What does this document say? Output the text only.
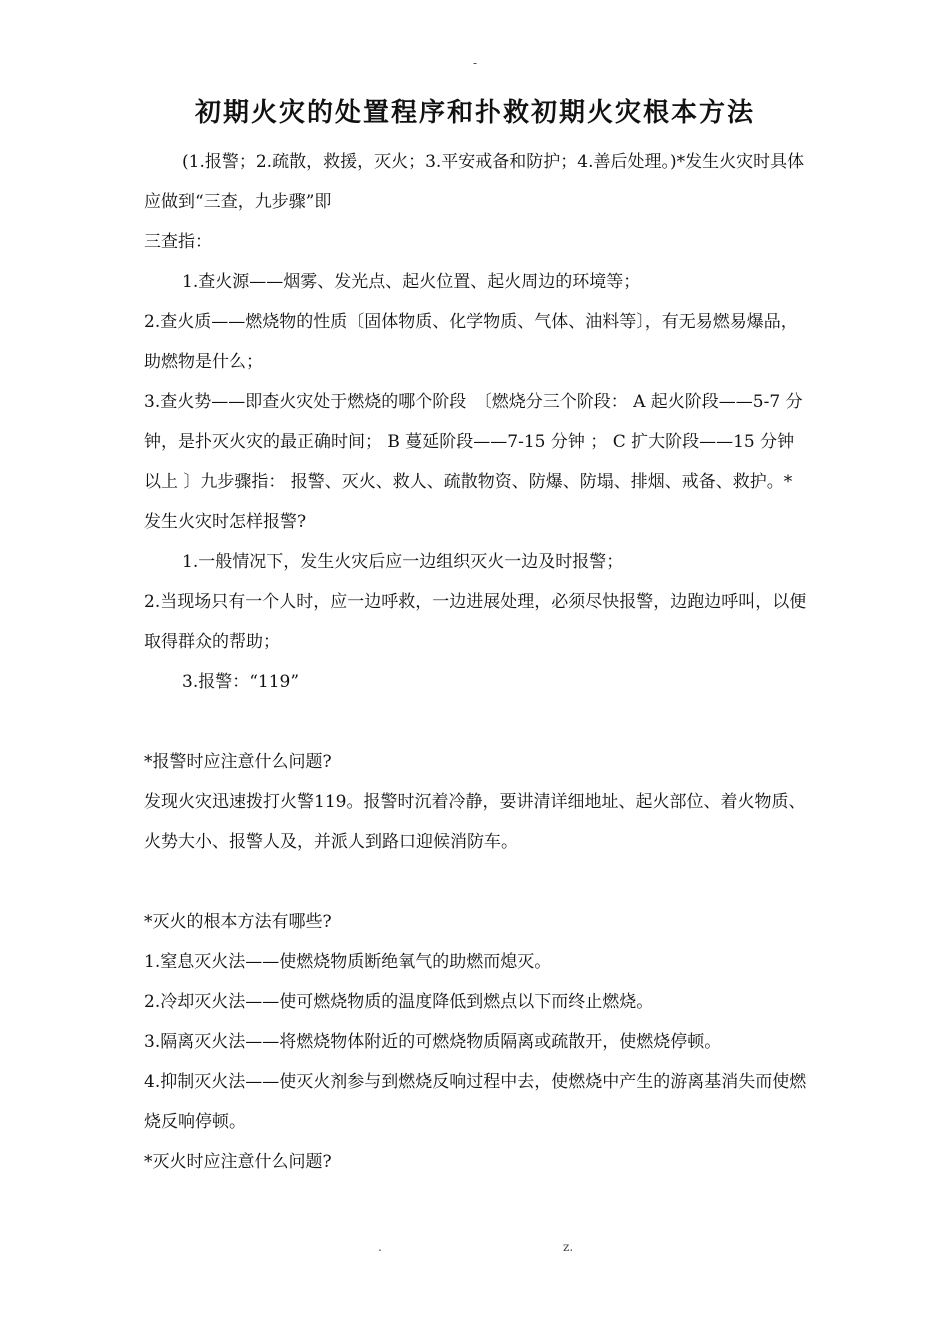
-
初期火灾的处置程序和扑救初期火灾根本方法

(1.报警；2.疏散，救援，灭火；3.平安戒备和防护；4.善后处理。)*发生火灾时具体应做到“三查，九步骤”即

三查指：

1.查火源——烟雾、发光点、起火位置、起火周边的环境等；

2.查火质——燃烧物的性质〔固体物质、化学物质、气体、油料等〕，有无易燃易爆品，助燃物是什么；

3.查火势——即查火灾处于燃烧的哪个阶段　〔燃烧分三个阶段： A 起火阶段——5-7 分钟，是扑灭火灾的最正确时间； B 蔓延阶段——7-15 分钟 ； C 扩大阶段——15 分钟以上 〕九步骤指： 报警、灭火、救人、疏散物资、防爆、防塌、排烟、戒备、救护。*发生火灾时怎样报警?

1.一般情况下，发生火灾后应一边组织灭火一边及时报警；

2.当现场只有一个人时，应一边呼救，一边进展处理，必须尽快报警，边跑边呼叫，以便取得群众的帮助；

3.报警：“119”

*报警时应注意什么问题?

发现火灾迅速拨打火警119。报警时沉着冷静，要讲清详细地址、起火部位、着火物质、火势大小、报警人及，并派人到路口迎候消防车。

*灭火的根本方法有哪些?

1.窒息灭火法——使燃烧物质断绝氧气的助燃而熄灭。

2.冷却灭火法——使可燃烧物质的温度降低到燃点以下而终止燃烧。

3.隔离灭火法——将燃烧物体附近的可燃烧物质隔离或疏散开，使燃烧停顿。

4.抑制灭火法——使灭火剂参与到燃烧反响过程中去，使燃烧中产生的游离基消失而使燃烧反响停顿。

*灭火时应注意什么问题?

.	z.
